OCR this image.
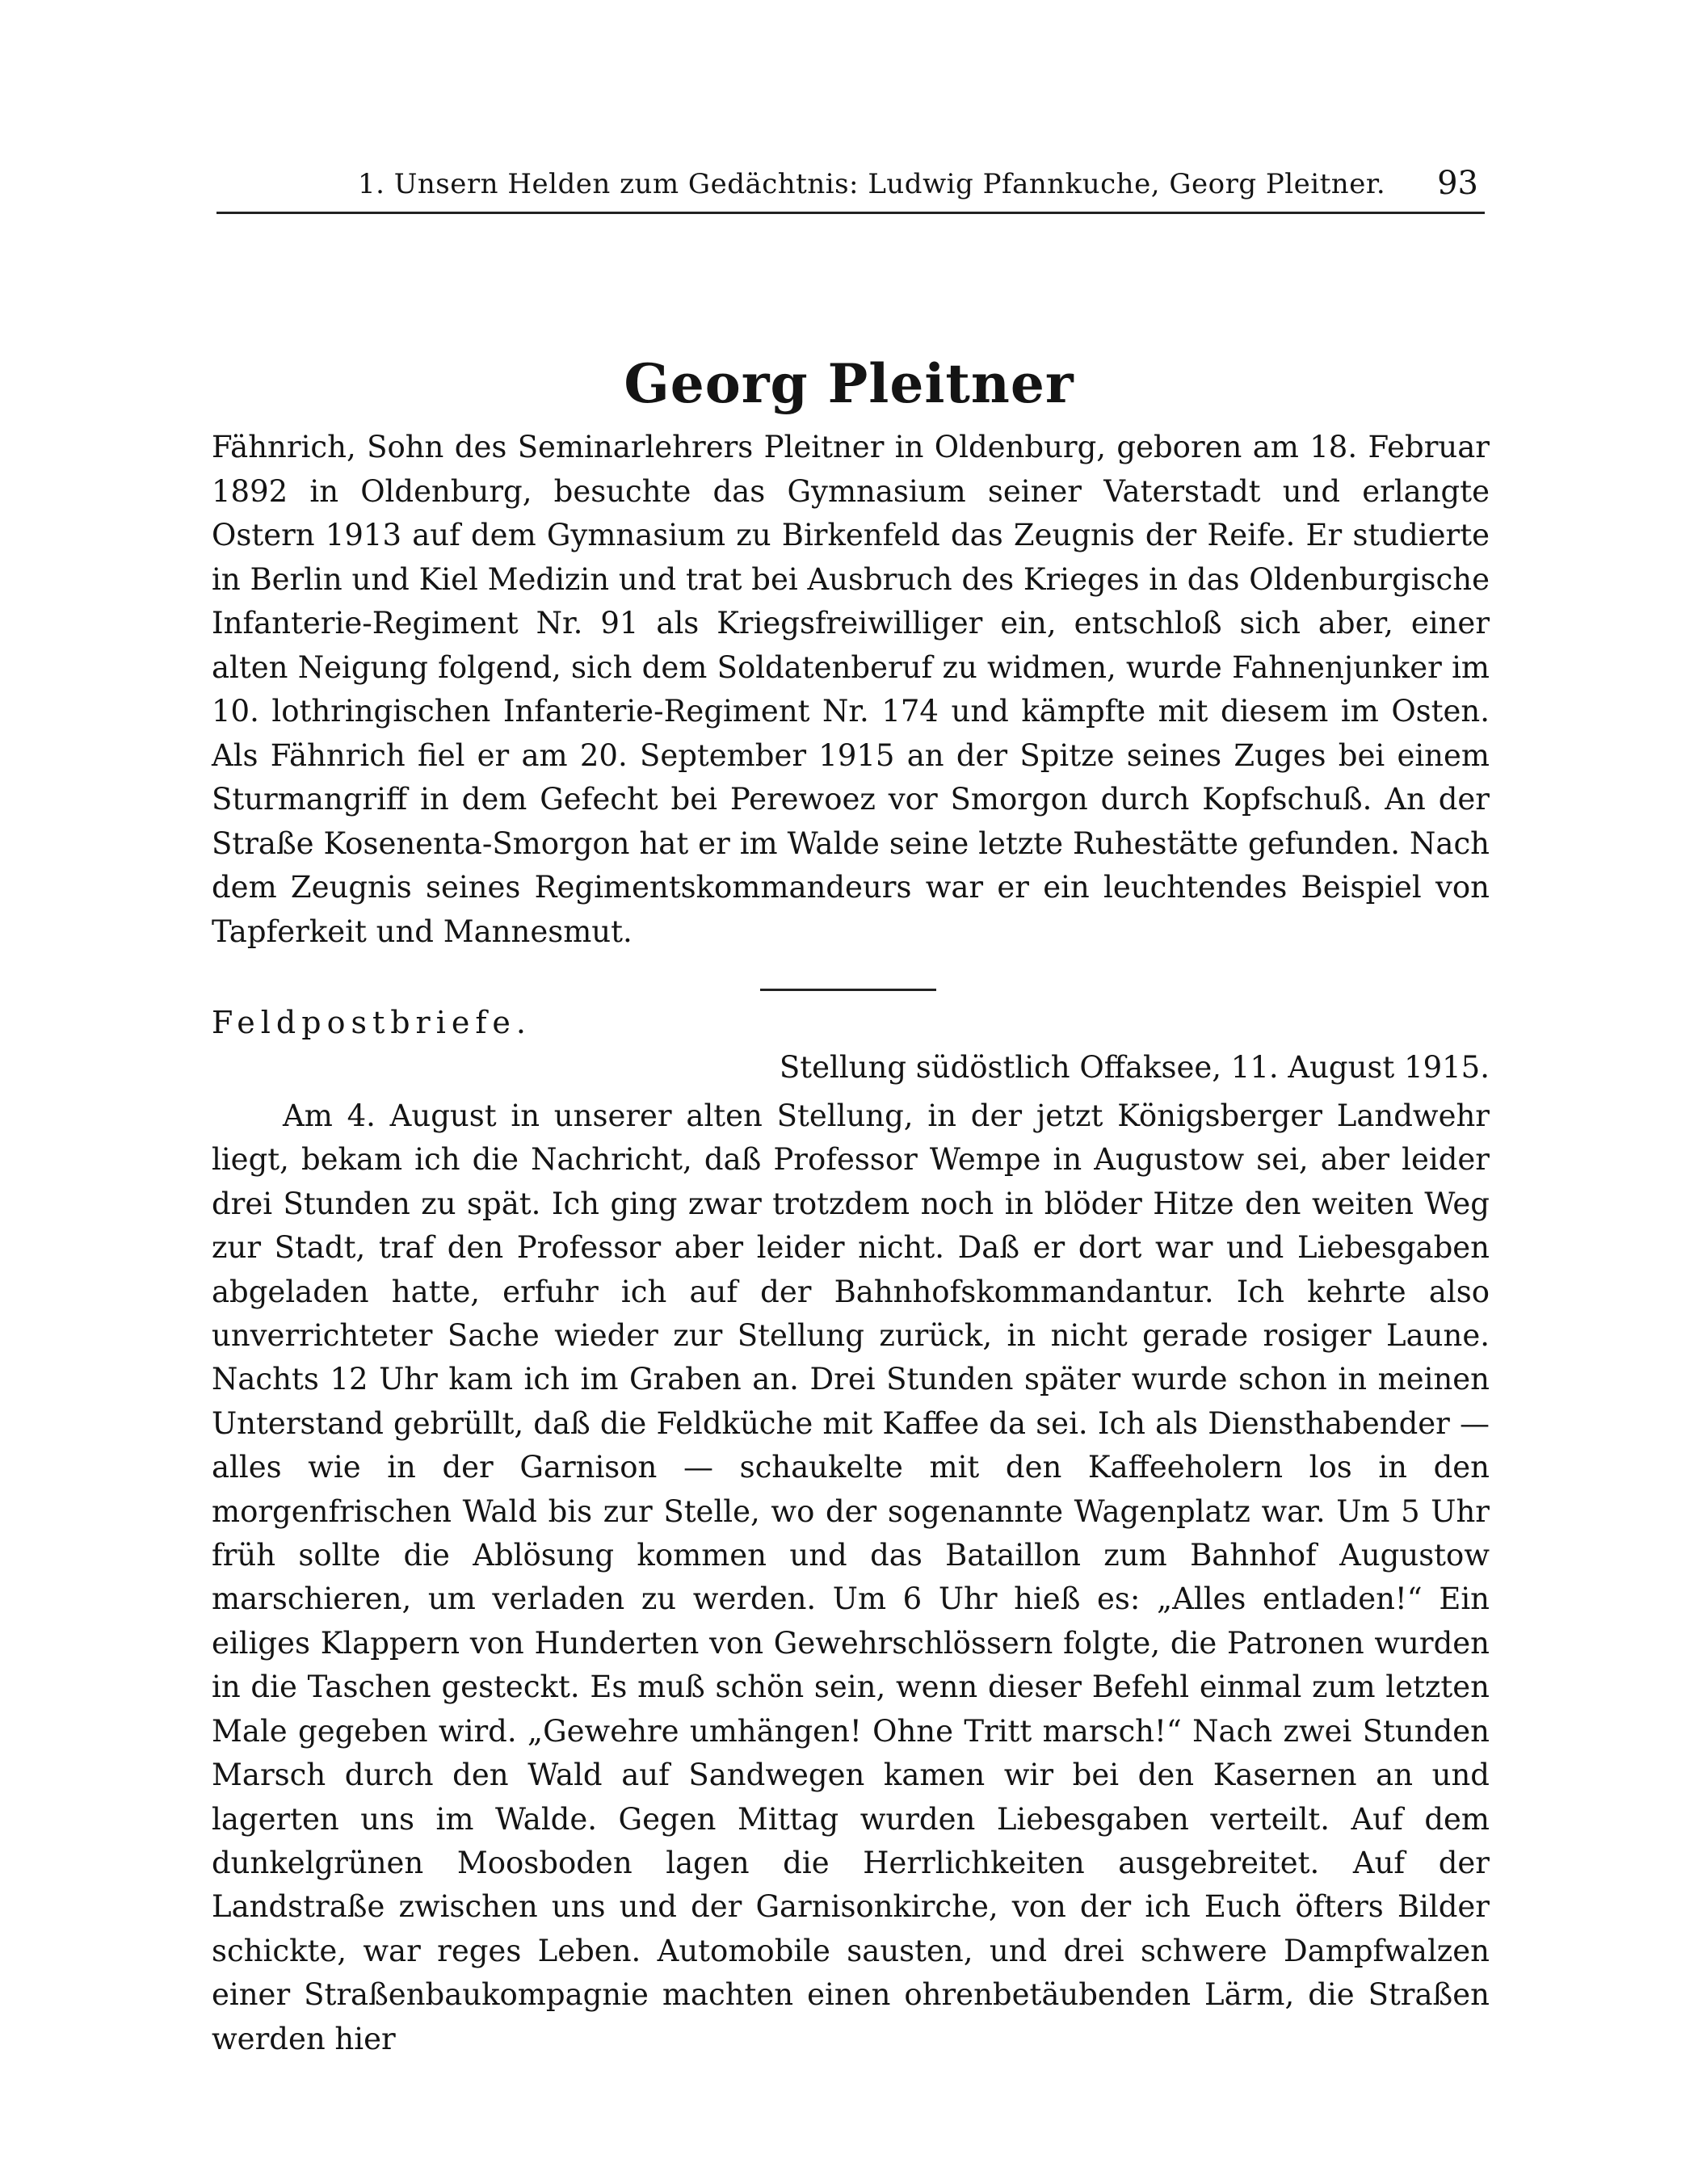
1. Unsern Helden zum Gedächtnis: Ludwig Pfannkuche, Georg Pleitner. 93
Georg Pleitner

Fähnrich, Sohn des Seminarlehrers Pleitner in Oldenburg, geboren am 18. Februar 1892 in Oldenburg, besuchte das Gymnasium seiner Vaterstadt und erlangte Ostern 1913 auf dem Gymnasium zu Birkenfeld das Zeugnis der Reife. Er studierte in Berlin und Kiel Medizin und trat bei Ausbruch des Krieges in das Oldenburgische Infanterie-Regiment Nr. 91 als Kriegsfreiwilliger ein, entschloß sich aber, einer alten Neigung folgend, sich dem Soldatenberuf zu widmen, wurde Fahnenjunker im 10. lothringischen Infanterie-Regiment Nr. 174 und kämpfte mit diesem im Osten. Als Fähnrich fiel er am 20. September 1915 an der Spitze seines Zuges bei einem Sturmangriff in dem Gefecht bei Perewoez vor Smorgon durch Kopfschuß. An der Straße Kosenenta-Smorgon hat er im Walde seine letzte Ruhestätte gefunden. Nach dem Zeugnis seines Regimentskommandeurs war er ein leuchtendes Beispiel von Tapferkeit und Mannesmut.

Feldpostbriefe.
Stellung südöstlich Offaksee, 11. August 1915.

Am 4. August in unserer alten Stellung, in der jetzt Königsberger Landwehr liegt, bekam ich die Nachricht, daß Professor Wempe in Augustow sei, aber leider drei Stunden zu spät. Ich ging zwar trotzdem noch in blöder Hitze den weiten Weg zur Stadt, traf den Professor aber leider nicht. Daß er dort war und Liebesgaben abgeladen hatte, erfuhr ich auf der Bahnhofskommandantur. Ich kehrte also unverrichteter Sache wieder zur Stellung zurück, in nicht gerade rosiger Laune. Nachts 12 Uhr kam ich im Graben an. Drei Stunden später wurde schon in meinen Unterstand gebrüllt, daß die Feldküche mit Kaffee da sei. Ich als Diensthabender — alles wie in der Garnison — schaukelte mit den Kaffeeholern los in den morgenfrischen Wald bis zur Stelle, wo der sogenannte Wagenplatz war. Um 5 Uhr früh sollte die Ablösung kommen und das Bataillon zum Bahnhof Augustow marschieren, um verladen zu werden. Um 6 Uhr hieß es: „Alles entladen!“ Ein eiliges Klappern von Hunderten von Gewehrschlössern folgte, die Patronen wurden in die Taschen gesteckt. Es muß schön sein, wenn dieser Befehl einmal zum letzten Male gegeben wird. „Gewehre umhängen! Ohne Tritt marsch!“ Nach zwei Stunden Marsch durch den Wald auf Sandwegen kamen wir bei den Kasernen an und lagerten uns im Walde. Gegen Mittag wurden Liebesgaben verteilt. Auf dem dunkelgrünen Moosboden lagen die Herrlichkeiten ausgebreitet. Auf der Landstraße zwischen uns und der Garnisonkirche, von der ich Euch öfters Bilder schickte, war reges Leben. Automobile sausten, und drei schwere Dampfwalzen einer Straßenbaukompagnie machten einen ohrenbetäubenden Lärm, die Straßen werden hier
